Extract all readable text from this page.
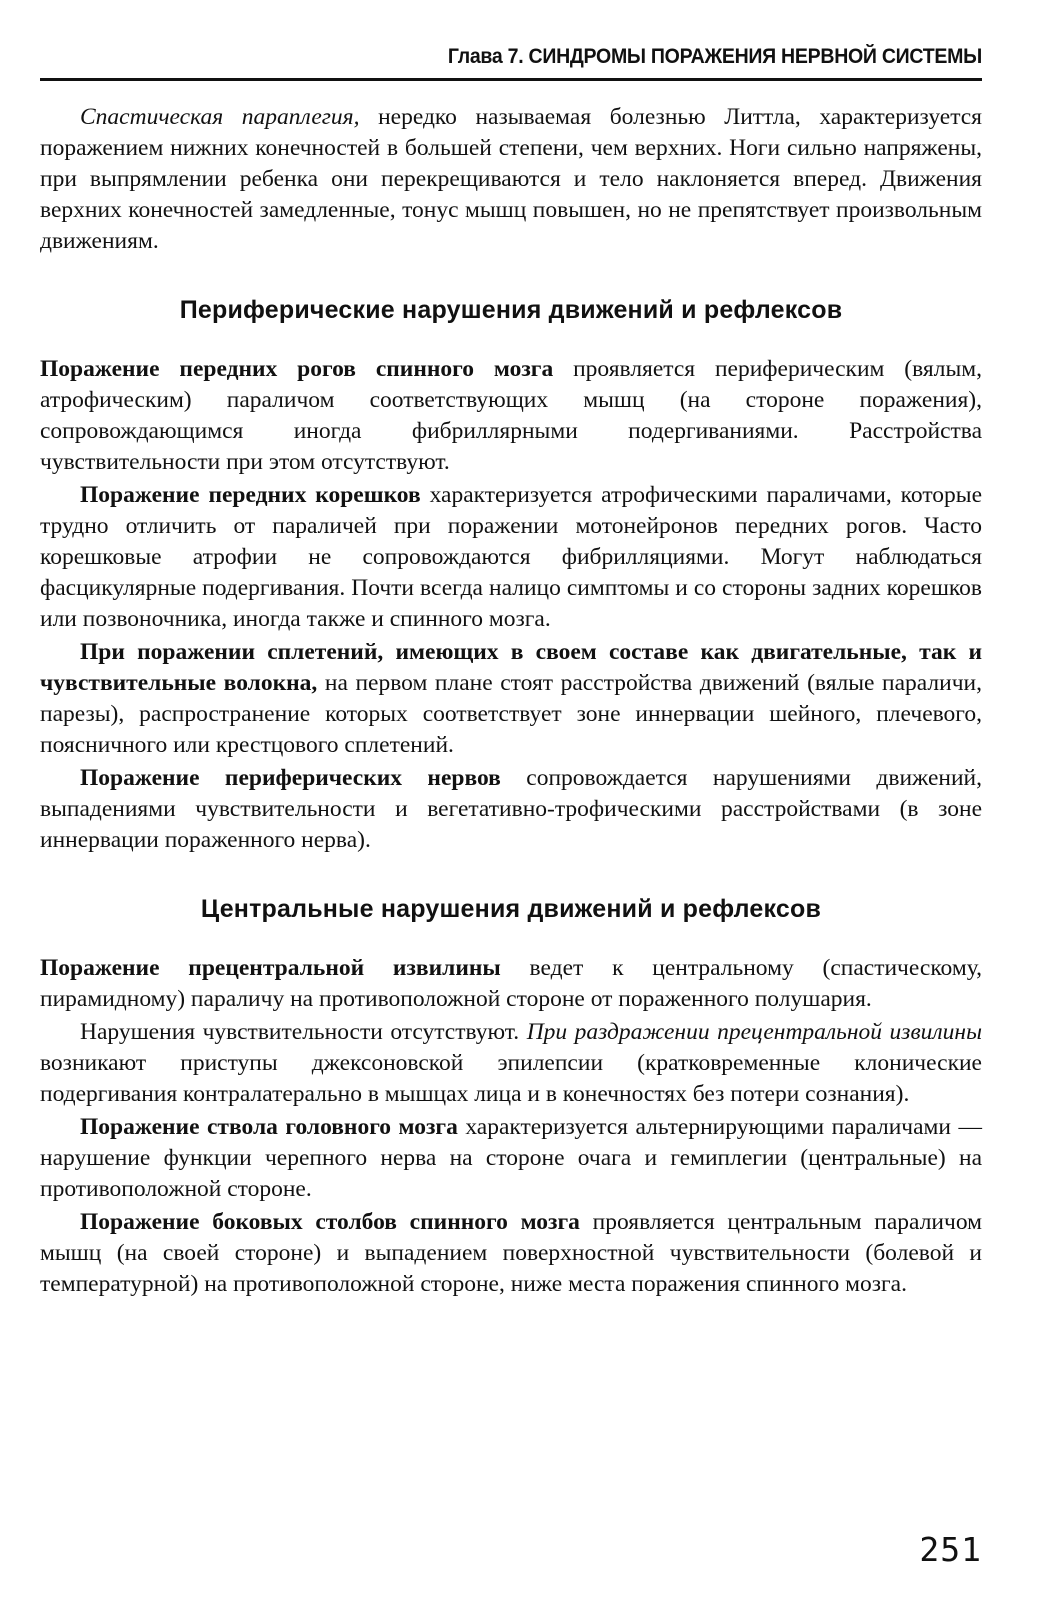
Глава 7. СИНДРОМЫ ПОРАЖЕНИЯ НЕРВНОЙ СИСТЕМЫ

Спастическая параплегия, нередко называемая болезнью Литтла, характеризуется поражением нижних конечностей в большей степени, чем верхних. Ноги сильно напряжены, при выпрямлении ребенка они перекрещиваются и тело наклоняется вперед. Движения верхних конечностей замедленные, тонус мышц повышен, но не препятствует произвольным движениям.

Периферические нарушения движений и рефлексов

Поражение передних рогов спинного мозга проявляется периферическим (вялым, атрофическим) параличом соответствующих мышц (на стороне поражения), сопровождающимся иногда фибриллярными подергиваниями. Расстройства чувствительности при этом отсутствуют.

Поражение передних корешков характеризуется атрофическими параличами, которые трудно отличить от параличей при поражении мотонейронов передних рогов. Часто корешковые атрофии не сопровождаются фибрилляциями. Могут наблюдаться фасцикулярные подергивания. Почти всегда налицо симптомы и со стороны задних корешков или позвоночника, иногда также и спинного мозга.

При поражении сплетений, имеющих в своем составе как двигательные, так и чувствительные волокна, на первом плане стоят расстройства движений (вялые параличи, парезы), распространение которых соответствует зоне иннервации шейного, плечевого, поясничного или крестцового сплетений.

Поражение периферических нервов сопровождается нарушениями движений, выпадениями чувствительности и вегетативно-трофическими расстройствами (в зоне иннервации пораженного нерва).

Центральные нарушения движений и рефлексов

Поражение прецентральной извилины ведет к центральному (спастическому, пирамидному) параличу на противоположной стороне от пораженного полушария.

Нарушения чувствительности отсутствуют. При раздражении прецентральной извилины возникают приступы джексоновской эпилепсии (кратковременные клонические подергивания контралатерально в мышцах лица и в конечностях без потери сознания).

Поражение ствола головного мозга характеризуется альтернирующими параличами — нарушение функции черепного нерва на стороне очага и гемиплегии (центральные) на противоположной стороне.

Поражение боковых столбов спинного мозга проявляется центральным параличом мышц (на своей стороне) и выпадением поверхностной чувствительности (болевой и температурной) на противоположной стороне, ниже места поражения спинного мозга.

251
